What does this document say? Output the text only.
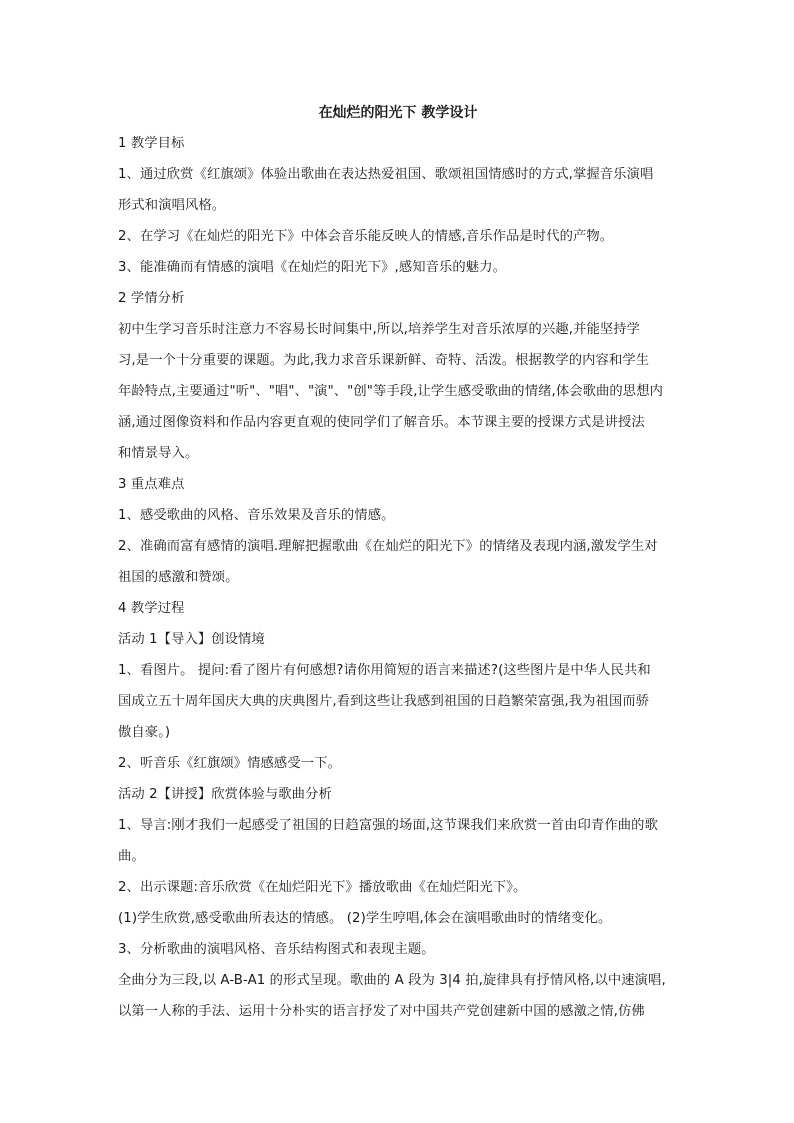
在灿烂的阳光下 教学设计

1 教学目标

1、通过欣赏《红旗颂》体验出歌曲在表达热爱祖国、歌颂祖国情感时的方式,掌握音乐演唱

形式和演唱风格。

2、在学习《在灿烂的阳光下》中体会音乐能反映人的情感,音乐作品是时代的产物。

3、能准确而有情感的演唱《在灿烂的阳光下》,感知音乐的魅力。

2 学情分析

初中生学习音乐时注意力不容易长时间集中,所以,培养学生对音乐浓厚的兴趣,并能坚持学

习,是一个十分重要的课题。为此,我力求音乐课新鲜、奇特、活泼。根据教学的内容和学生

年龄特点,主要通过"听"、"唱"、"演"、"创"等手段,让学生感受歌曲的情绪,体会歌曲的思想内

涵,通过图像资料和作品内容更直观的使同学们了解音乐。本节课主要的授课方式是讲授法

和情景导入。

3 重点难点

1、感受歌曲的风格、音乐效果及音乐的情感。

2、准确而富有感情的演唱.理解把握歌曲《在灿烂的阳光下》的情绪及表现内涵,激发学生对

祖国的感激和赞颂。

4 教学过程

活动 1【导入】创设情境

1、看图片。 提问:看了图片有何感想?请你用简短的语言来描述?(这些图片是中华人民共和

国成立五十周年国庆大典的庆典图片,看到这些让我感到祖国的日趋繁荣富强,我为祖国而骄

傲自豪。)

2、听音乐《红旗颂》情感感受一下。

活动 2【讲授】欣赏体验与歌曲分析

1、导言:刚才我们一起感受了祖国的日趋富强的场面,这节课我们来欣赏一首由印青作曲的歌

曲。

2、出示课题:音乐欣赏《在灿烂阳光下》播放歌曲《在灿烂阳光下》。

(1)学生欣赏,感受歌曲所表达的情感。 (2)学生哼唱,体会在演唱歌曲时的情绪变化。

3、分析歌曲的演唱风格、音乐结构图式和表现主题。

全曲分为三段,以 A-B-A1 的形式呈现。歌曲的 A 段为 3|4 拍,旋律具有抒情风格,以中速演唱,

以第一人称的手法、运用十分朴实的语言抒发了对中国共产党创建新中国的感激之情,仿佛
